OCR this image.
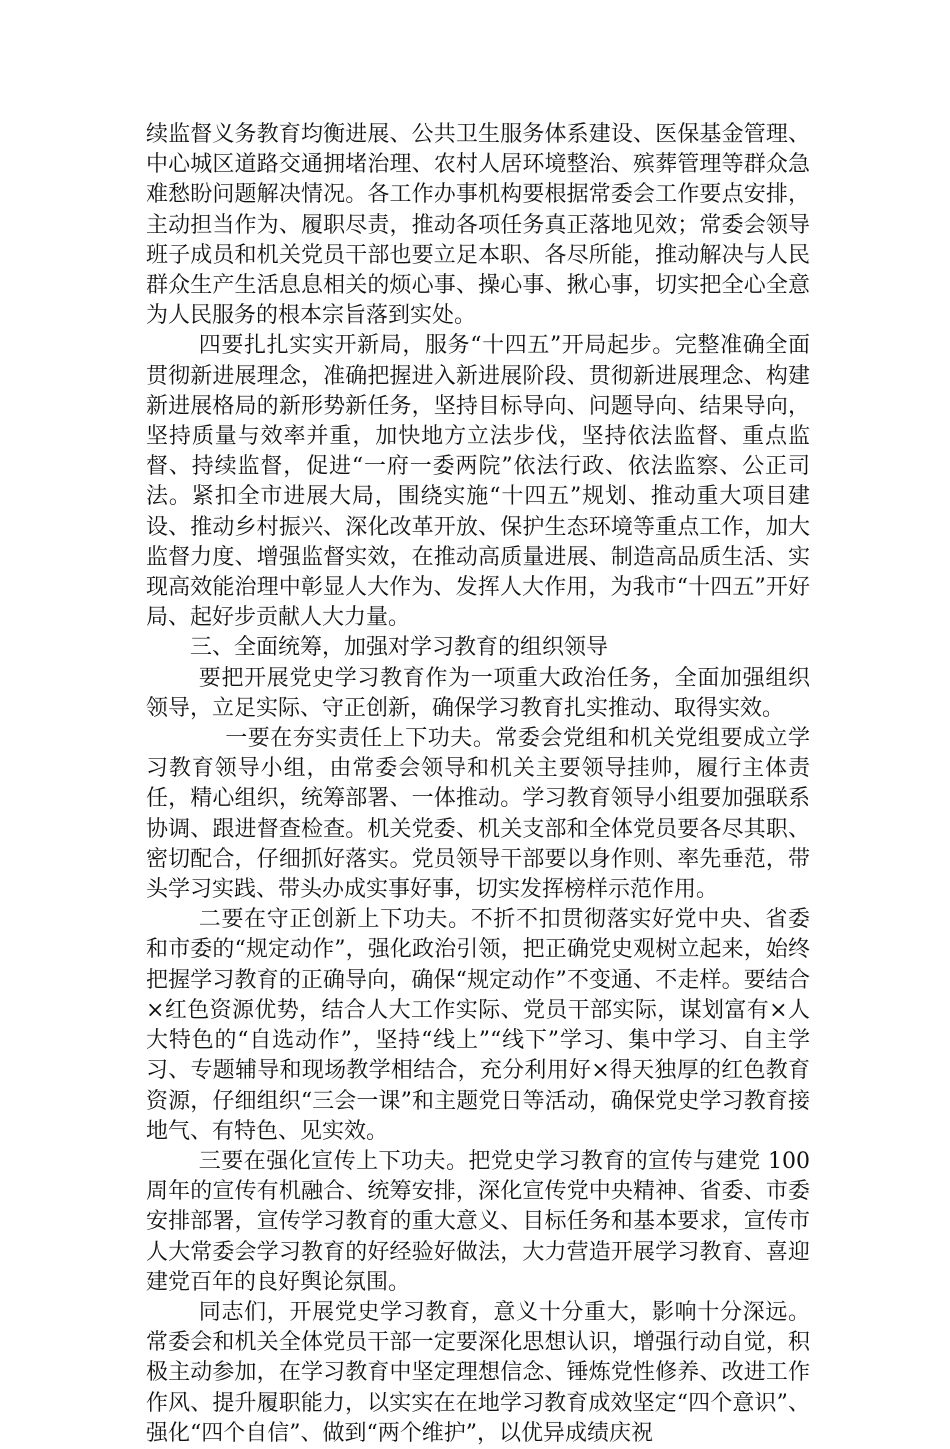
续监督义务教育均衡进展、公共卫生服务体系建设、医保基金管理、中心城区道路交通拥堵治理、农村人居环境整治、殡葬管理等群众急难愁盼问题解决情况。各工作办事机构要根据常委会工作要点安排，主动担当作为、履职尽责，推动各项任务真正落地见效；常委会领导班子成员和机关党员干部也要立足本职、各尽所能，推动解决与人民群众生产生活息息相关的烦心事、操心事、揪心事，切实把全心全意为人民服务的根本宗旨落到实处。

四要扎扎实实开新局，服务“十四五”开局起步。完整准确全面贯彻新进展理念，准确把握进入新进展阶段、贯彻新进展理念、构建新进展格局的新形势新任务，坚持目标导向、问题导向、结果导向，坚持质量与效率并重，加快地方立法步伐，坚持依法监督、重点监督、持续监督，促进“一府一委两院”依法行政、依法监察、公正司法。紧扣全市进展大局，围绕实施“十四五”规划、推动重大项目建设、推动乡村振兴、深化改革开放、保护生态环境等重点工作，加大监督力度、增强监督实效，在推动高质量进展、制造高品质生活、实现高效能治理中彰显人大作为、发挥人大作用，为我市“十四五”开好局、起好步贡献人大力量。

三、全面统筹，加强对学习教育的组织领导

要把开展党史学习教育作为一项重大政治任务，全面加强组织领导，立足实际、守正创新，确保学习教育扎实推动、取得实效。

一要在夯实责任上下功夫。常委会党组和机关党组要成立学习教育领导小组，由常委会领导和机关主要领导挂帅，履行主体责任，精心组织，统筹部署、一体推动。学习教育领导小组要加强联系协调、跟进督查检查。机关党委、机关支部和全体党员要各尽其职、密切配合，仔细抓好落实。党员领导干部要以身作则、率先垂范，带头学习实践、带头办成实事好事，切实发挥榜样示范作用。

二要在守正创新上下功夫。不折不扣贯彻落实好党中央、省委和市委的“规定动作”，强化政治引领，把正确党史观树立起来，始终把握学习教育的正确导向，确保“规定动作”不变通、不走样。要结合×红色资源优势，结合人大工作实际、党员干部实际，谋划富有×人大特色的“自选动作”，坚持“线上”“线下”学习、集中学习、自主学习、专题辅导和现场教学相结合，充分利用好×得天独厚的红色教育资源，仔细组织“三会一课”和主题党日等活动，确保党史学习教育接地气、有特色、见实效。

三要在强化宣传上下功夫。把党史学习教育的宣传与建党 100周年的宣传有机融合、统筹安排，深化宣传党中央精神、省委、市委安排部署，宣传学习教育的重大意义、目标任务和基本要求，宣传市人大常委会学习教育的好经验好做法，大力营造开展学习教育、喜迎建党百年的良好舆论氛围。

同志们，开展党史学习教育，意义十分重大，影响十分深远。常委会和机关全体党员干部一定要深化思想认识，增强行动自觉，积极主动参加，在学习教育中坚定理想信念、锤炼党性修养、改进工作作风、提升履职能力，以实实在在地学习教育成效坚定“四个意识”、强化“四个自信”、做到“两个维护”，以优异成绩庆祝
